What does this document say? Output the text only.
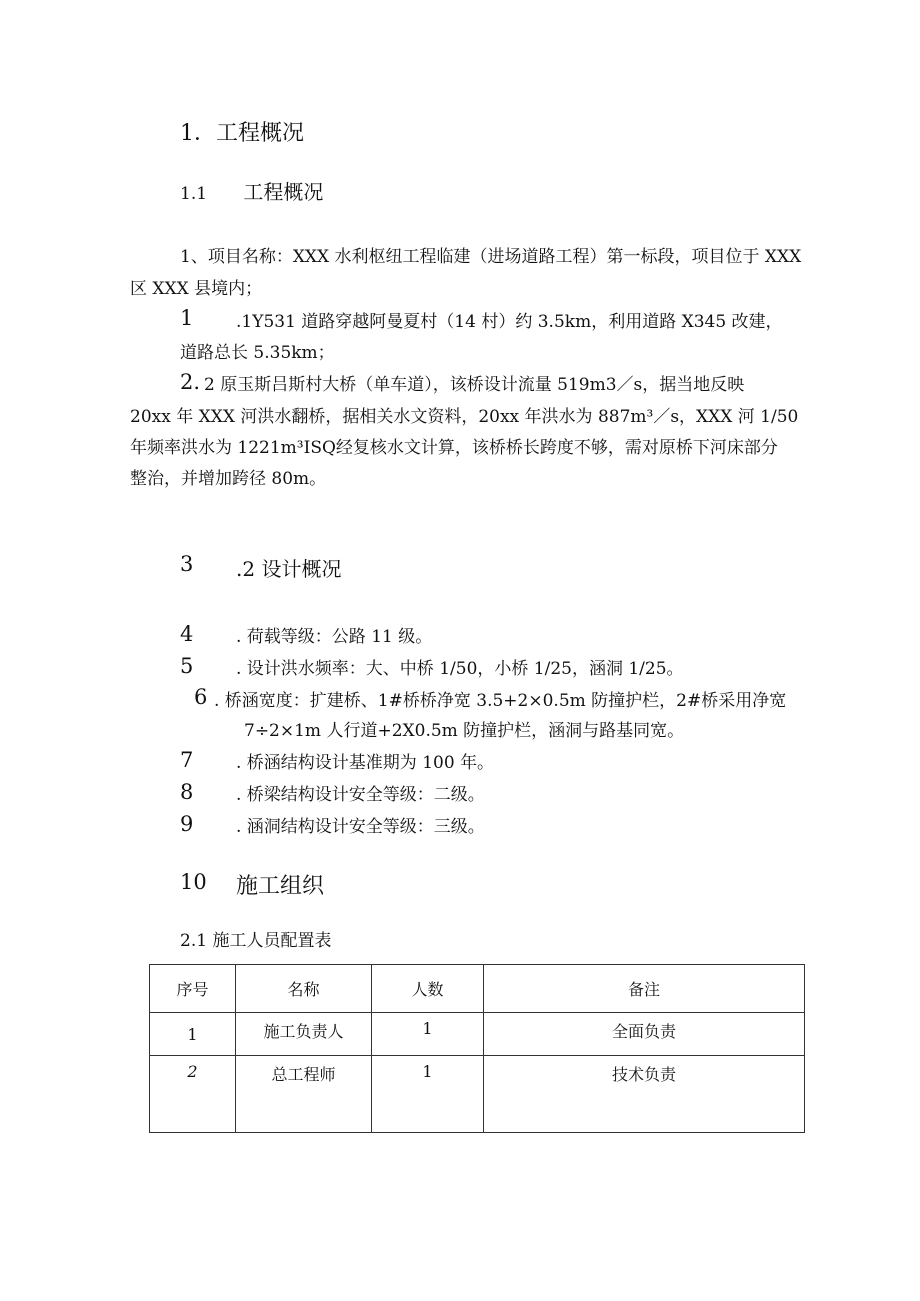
1．工程概况
1.1 工程概况
1、项目名称：XXX 水利枢纽工程临建（进场道路工程）第一标段，项目位于 XXX
区 XXX 县境内；
1	.1Y531 道路穿越阿曼夏村（14 村）约 3.5km，利用道路 X345 改建，
道路总长 5.35km；
2. 2 原玉斯吕斯村大桥（单车道），该桥设计流量 519m3／s，据当地反映
20xx 年 XXX 河洪水翻桥，据相关水文资料，20xx 年洪水为 887m³／s，XXX 河 1/50
年频率洪水为 1221m³ISQ经复核水文计算，该桥桥长跨度不够，需对原桥下河床部分
整治，并增加跨径 80m。
3 .2 设计概况
4	. 荷载等级：公路 11 级。
5	. 设计洪水频率：大、中桥 1/50，小桥 1/25，涵洞 1/25。
6 . 桥涵宽度：扩建桥、1#桥桥净宽 3.5+2×0.5m 防撞护栏，2#桥采用净宽
7÷2×1m 人行道+2X0.5m 防撞护栏，涵洞与路基同宽。
7	. 桥涵结构设计基准期为 100 年。
8	. 桥梁结构设计安全等级：二级。
9	. 涵洞结构设计安全等级：三级。
10 施工组织
2.1 施工人员配置表
序号	名称	人数	备注
1	施工负责人	1	全面负责
2	总工程师	1	技术负责
